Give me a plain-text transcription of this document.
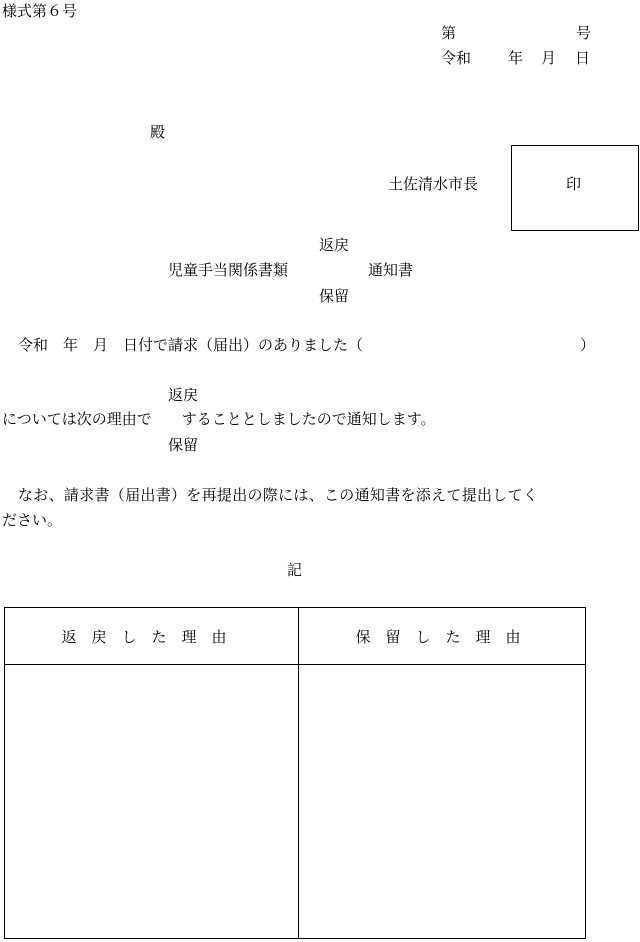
様式第６号
第	号
令和 年 月 日
殿
土佐清水市長	印
返戻
児童手当関係書類	通知書
保留
令和　年　月　日付で請求（届出）のありました（	）
返戻
については次の理由で　　することとしましたので通知します。
保留
なお、請求書（届出書）を再提出の際には、この通知書を添えて提出してく
ださい。
記
返戻した理由	保留した理由
